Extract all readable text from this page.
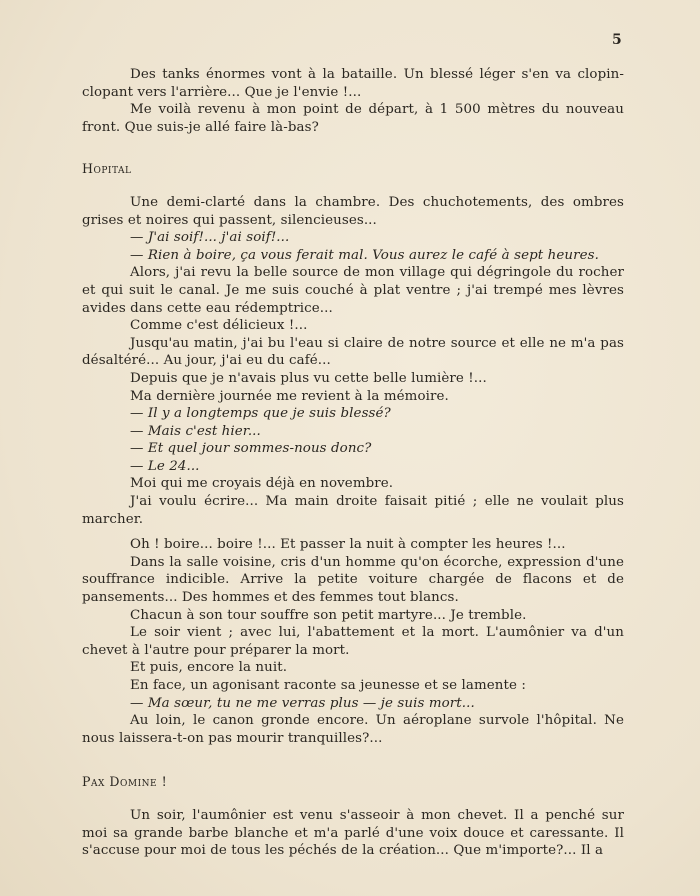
5

Des tanks énormes vont à la bataille. Un blessé léger s'en va clopin-clopant vers l'arrière... Que je l'envie !...

Me voilà revenu à mon point de départ, à 1 500 mètres du nouveau front. Que suis-je allé faire là-bas?

Hopital

Une demi-clarté dans la chambre. Des chuchotements, des ombres grises et noires qui passent, silencieuses...

— J'ai soif!... j'ai soif!...

— Rien à boire, ça vous ferait mal. Vous aurez le café à sept heures.

Alors, j'ai revu la belle source de mon village qui dégringole du rocher et qui suit le canal. Je me suis couché à plat ventre ; j'ai trempé mes lèvres avides dans cette eau rédemptrice...

Comme c'est délicieux !...

Jusqu'au matin, j'ai bu l'eau si claire de notre source et elle ne m'a pas désaltéré... Au jour, j'ai eu du café...

Depuis que je n'avais plus vu cette belle lumière !...

Ma dernière journée me revient à la mémoire.

— Il y a longtemps que je suis blessé?

— Mais c'est hier...

— Et quel jour sommes-nous donc?

— Le 24...

Moi qui me croyais déjà en novembre.

J'ai voulu écrire... Ma main droite faisait pitié ; elle ne voulait plus marcher.

Oh ! boire... boire !... Et passer la nuit à compter les heures !...

Dans la salle voisine, cris d'un homme qu'on écorche, expression d'une souffrance indicible. Arrive la petite voiture chargée de flacons et de pansements... Des hommes et des femmes tout blancs.

Chacun à son tour souffre son petit martyre... Je tremble.

Le soir vient ; avec lui, l'abattement et la mort. L'aumônier va d'un chevet à l'autre pour préparer la mort.

Et puis, encore la nuit.

En face, un agonisant raconte sa jeunesse et se lamente :

— Ma sœur, tu ne me verras plus — je suis mort...

Au loin, le canon gronde encore. Un aéroplane survole l'hôpital. Ne nous laissera-t-on pas mourir tranquilles?...

Pax Domine !

Un soir, l'aumônier est venu s'asseoir à mon chevet. Il a penché sur moi sa grande barbe blanche et m'a parlé d'une voix douce et caressante. Il s'accuse pour moi de tous les péchés de la création... Que m'importe?... Il a
